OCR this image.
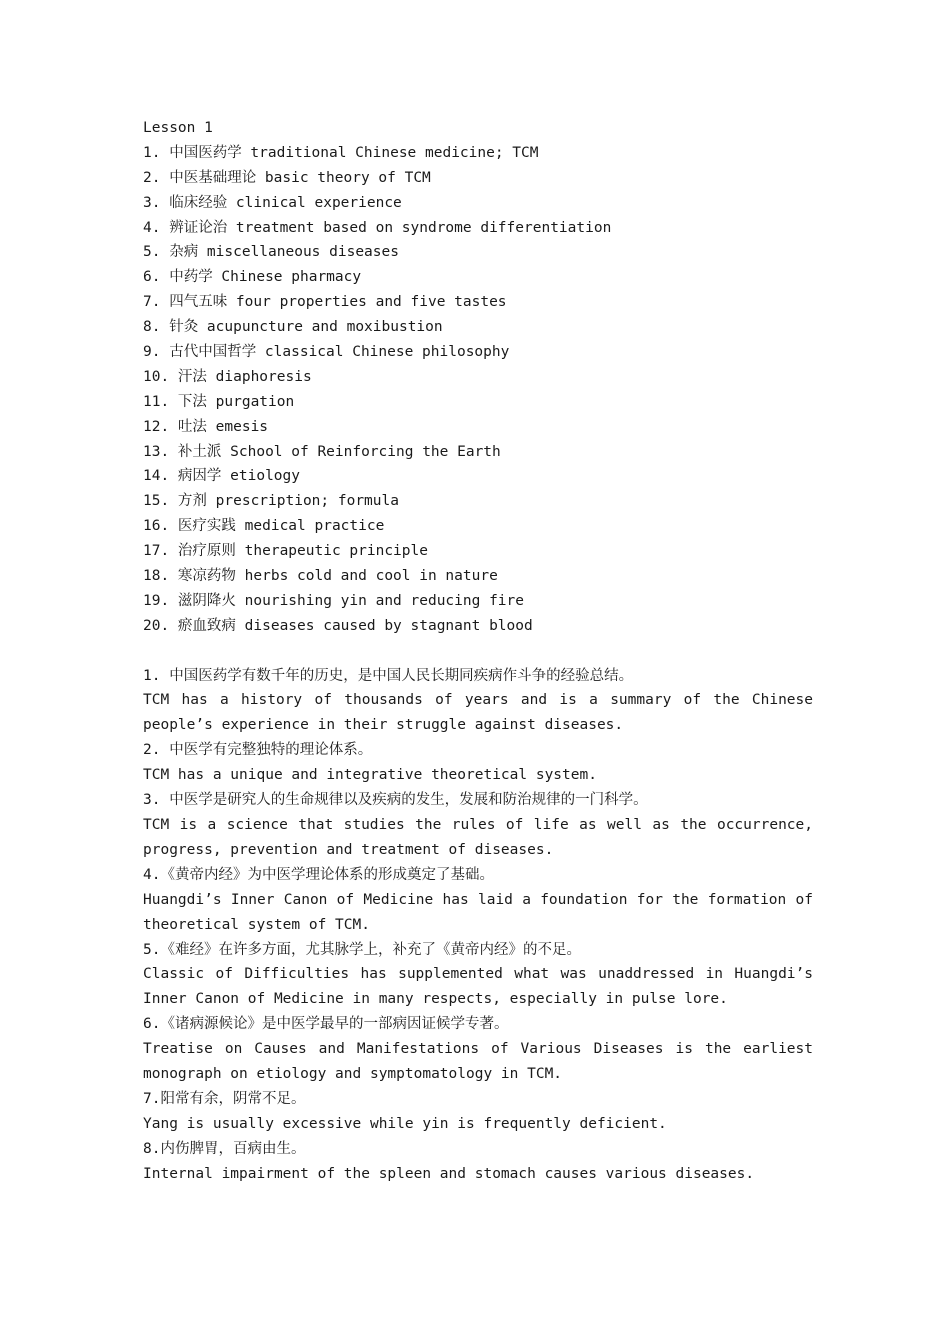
Lesson 1
1. 中国医药学 traditional Chinese medicine; TCM
2. 中医基础理论 basic theory of TCM
3. 临床经验 clinical experience
4. 辨证论治 treatment based on syndrome differentiation
5. 杂病 miscellaneous diseases
6. 中药学 Chinese pharmacy
7. 四气五味 four properties and five tastes
8. 针灸 acupuncture and moxibustion
9. 古代中国哲学 classical Chinese philosophy
10. 汗法 diaphoresis
11. 下法 purgation
12. 吐法 emesis
13. 补土派 School of Reinforcing the Earth
14. 病因学 etiology
15. 方剂 prescription; formula
16. 医疗实践 medical practice
17. 治疗原则 therapeutic principle
18. 寒凉药物 herbs cold and cool in nature
19. 滋阴降火 nourishing yin and reducing fire
20. 瘀血致病 diseases caused by stagnant blood
1. 中国医药学有数千年的历史，是中国人民长期同疾病作斗争的经验总结。
TCM has a history of thousands of years and is a summary of the Chinese people’s experience in their struggle against diseases.
2. 中医学有完整独特的理论体系。
TCM has a unique and integrative theoretical system.
3. 中医学是研究人的生命规律以及疾病的发生，发展和防治规律的一门科学。
TCM is a science that studies the rules of life as well as the occurrence, progress, prevention and treatment of diseases.
4.《黄帝内经》为中医学理论体系的形成奠定了基础。
Huangdi’s Inner Canon of Medicine has laid a foundation for the formation of theoretical system of TCM.
5.《难经》在许多方面，尤其脉学上，补充了《黄帝内经》的不足。
Classic of Difficulties has supplemented what was unaddressed in Huangdi’s Inner Canon of Medicine in many respects, especially in pulse lore.
6.《诸病源候论》是中医学最早的一部病因证候学专著。
Treatise on Causes and Manifestations of Various Diseases is the earliest monograph on etiology and symptomatology in TCM.
7.阳常有余，阴常不足。
Yang is usually excessive while yin is frequently deficient.
8.内伤脾胃，百病由生。
Internal impairment of the spleen and stomach causes various diseases.
